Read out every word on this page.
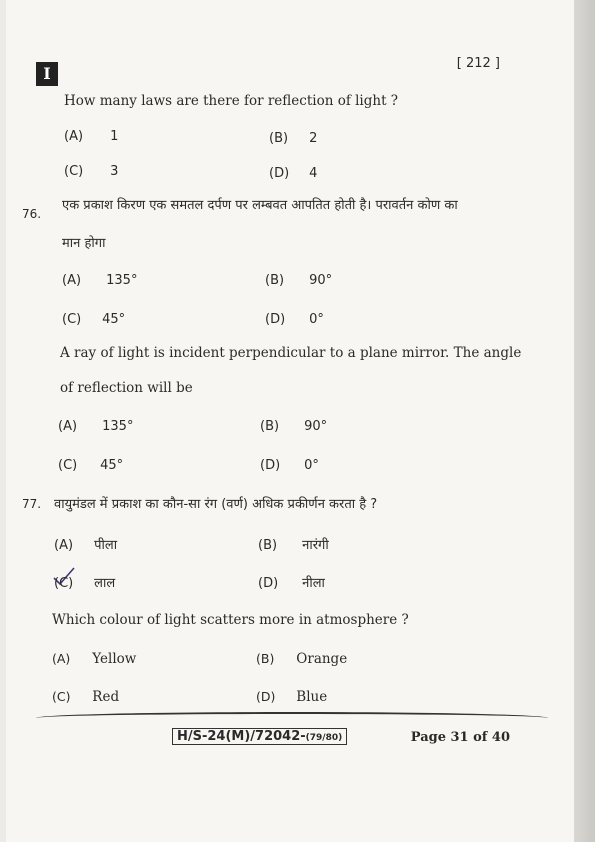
I
[ 212 ]
How many laws are there for reflection of light ?
(A) 1	(B) 2
(C) 3	(D) 4
76.
एक प्रकाश किरण एक समतल दर्पण पर लम्बवत आपतित होती है। परावर्तन कोण का
मान होगा
(A) 135°	(B) 90°
(C) 45°	(D) 0°
A ray of light is incident perpendicular to a plane mirror. The angle
of reflection will be
(A) 135°	(B) 90°
(C) 45°	(D) 0°
77. वायुमंडल में प्रकाश का कौन-सा रंग (वर्ण) अधिक प्रकीर्णन करता है ?
(A) पीला	(B) नारंगी
(C) लाल	(D) नीला
Which colour of light scatters more in atmosphere ?
(A) Yellow	(B) Orange
(C) Red	(D) Blue
H/S-24(M)/72042-(79/80)	Page 31 of 40
